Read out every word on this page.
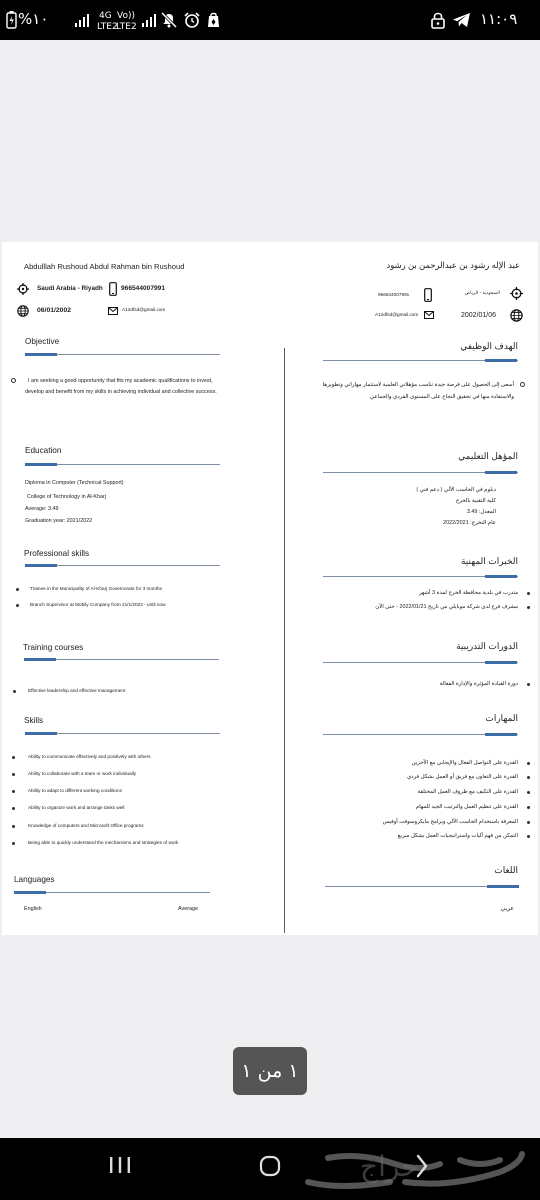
%١٠	4G
LTE2
Vo))
LTE2	١١:٠٩
Abdulllah Rushoud Abdul Rahman bin Rushoud
Saudi Arabia - Riyadh	966544007991
06/01/2002	A12dfsd@gmail.com
Objective
I am seeking a good opportunity that fits my academic qualifications to invest,
develop and benefit from my skills in achieving individual and collective success.
Education
Diploma in Computer (Technical Support)
College of Technology in Al-Kharj
Average: 3.49
Graduation year: 2021/2022
Professional skills
Trainee in the Municipality of Al-Kharj Governorate for 3 months
Branch Supervisor at Mobily Company from 21/1/2022 - until now
Training courses
Effective leadership and effective management
Skills
Ability to communicate effectively and positively with others
Ability to collaborate with a team or work individually
Ability to adapt to different working conditions
Ability to organize work and arrange tasks well
Knowledge of computers and Microsoft Office programs
Being able to quickly understand the mechanisms and strategies of work
Languages
English	Average
عبد الإله رشود بن عبدالرحمن بن رشود
السعودية - الرياض
966544007991
2002/01/06
A12dfsd@gmail.com
الهدف الوظيفي
أسعى إلى الحصول على فرصة جيدة تناسب مؤهلاتي العلمية لاستثمار مهاراتي وتطويرها
والاستفادة منها في تحقيق النجاح على المستوى الفردي والجماعي
المؤهل التعليمي
دبلوم في الحاسب الآلي ( دعم فني )
كلية التقنية بالخرج
المعدل: 3.49
عام التخرج: 2022/2021
الخبرات المهنية
متدرب في بلدية محافظة الخرج لمدة 3 أشهر
مشرف فرع لدى شركة موبايلي من تاريخ 2022/01/21 - حتى الآن
الدورات التدريبية
دورة القيادة المؤثرة والإدارة الفعالة
المهارات
القدرة على التواصل الفعال والإيجابي مع الآخرين
القدرة على التعاون مع فريق أو العمل بشكل فردي
القدرة على التكيف مع ظروف العمل المختلفة
القدرة على تنظيم العمل والترتيب الجيد للمهام
المعرفة باستخدام الحاسب الآلي وبرامج مايكروسوفت أوفيس
التمكن من فهم آليات واستراتيجيات العمل بشكل سريع
اللغات
عربي
١ من ١
حراج
